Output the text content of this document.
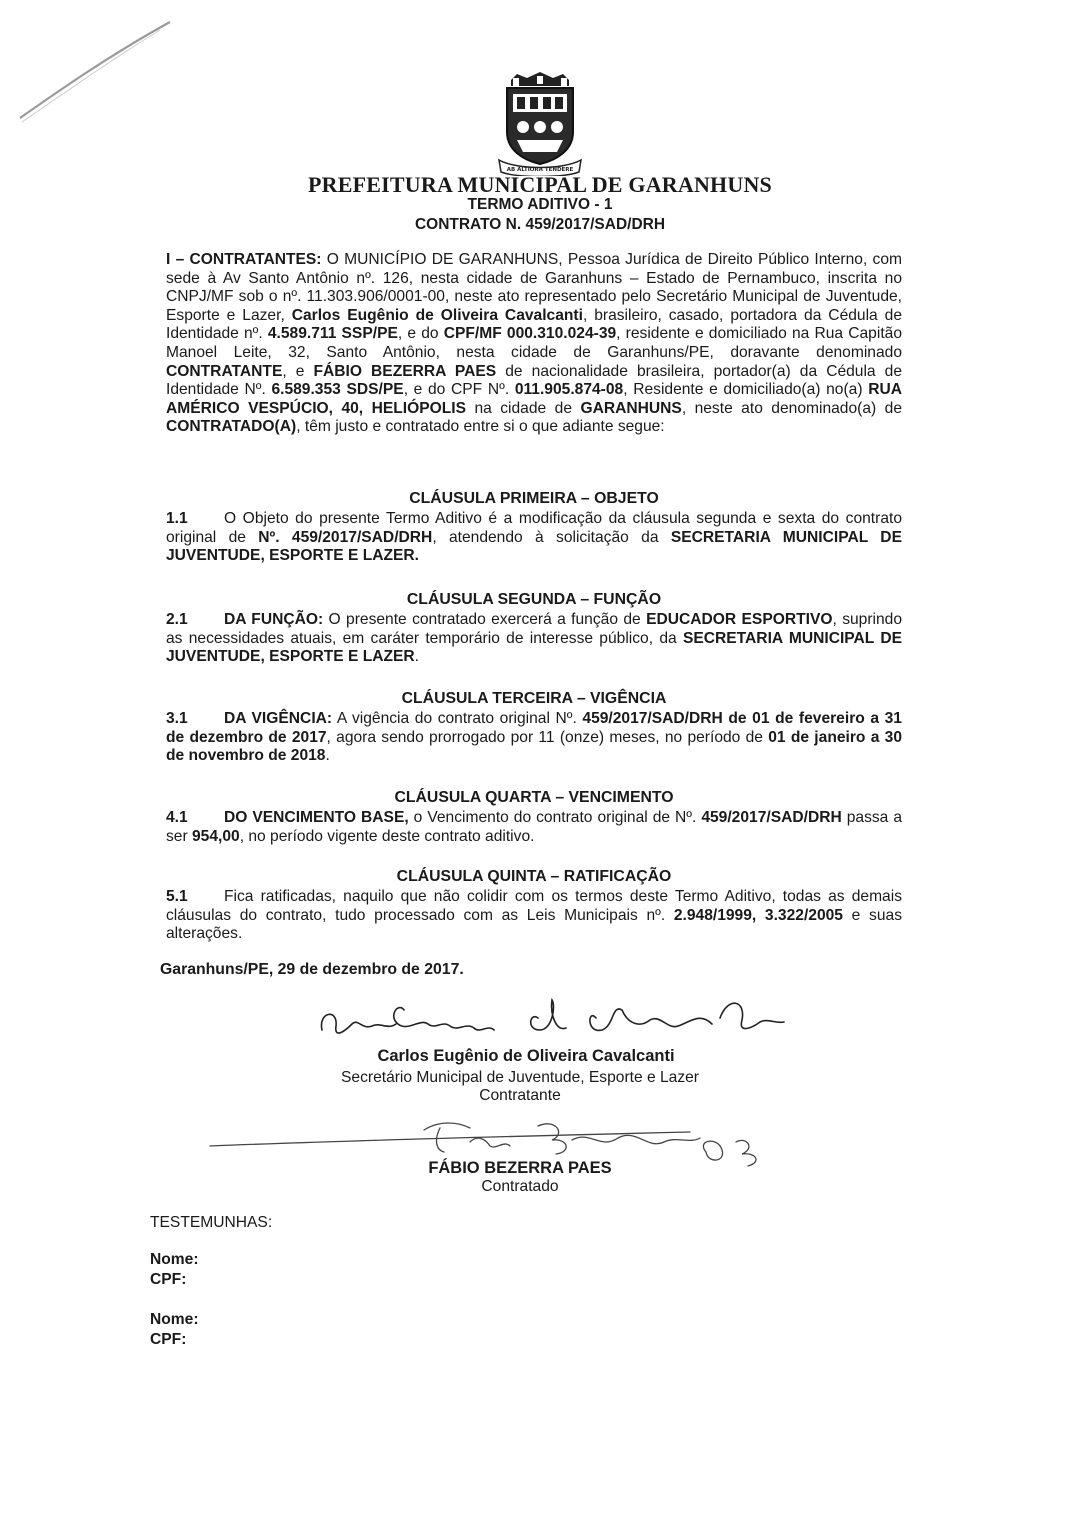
AB ALTIORA TENDERE
PREFEITURA MUNICIPAL DE GARANHUNS
TERMO ADITIVO - 1
CONTRATO N. 459/2017/SAD/DRH
I – CONTRATANTES: O MUNICÍPIO DE GARANHUNS, Pessoa Jurídica de Direito Público Interno, com sede à Av Santo Antônio nº. 126, nesta cidade de Garanhuns – Estado de Pernambuco, inscrita no CNPJ/MF sob o nº. 11.303.906/0001-00, neste ato representado pelo Secretário Municipal de Juventude, Esporte e Lazer, Carlos Eugênio de Oliveira Cavalcanti, brasileiro, casado, portadora da Cédula de Identidade nº. 4.589.711 SSP/PE, e do CPF/MF 000.310.024-39, residente e domiciliado na Rua Capitão Manoel Leite, 32, Santo Antônio, nesta cidade de Garanhuns/PE, doravante denominado CONTRATANTE, e FÁBIO BEZERRA PAES de nacionalidade brasileira, portador(a) da Cédula de Identidade Nº. 6.589.353 SDS/PE, e do CPF Nº. 011.905.874-08, Residente e domiciliado(a) no(a) RUA AMÉRICO VESPÚCIO, 40, HELIÓPOLIS na cidade de GARANHUNS, neste ato denominado(a) de CONTRATADO(A), têm justo e contratado entre si o que adiante segue:
CLÁUSULA PRIMEIRA – OBJETO
1.1 O Objeto do presente Termo Aditivo é a modificação da cláusula segunda e sexta do contrato original de Nº. 459/2017/SAD/DRH, atendendo à solicitação da SECRETARIA MUNICIPAL DE JUVENTUDE, ESPORTE E LAZER.
CLÁUSULA SEGUNDA – FUNÇÃO
2.1 DA FUNÇÃO: O presente contratado exercerá a função de EDUCADOR ESPORTIVO, suprindo as necessidades atuais, em caráter temporário de interesse público, da SECRETARIA MUNICIPAL DE JUVENTUDE, ESPORTE E LAZER.
CLÁUSULA TERCEIRA – VIGÊNCIA
3.1 DA VIGÊNCIA: A vigência do contrato original Nº. 459/2017/SAD/DRH de 01 de fevereiro a 31 de dezembro de 2017, agora sendo prorrogado por 11 (onze) meses, no período de 01 de janeiro a 30 de novembro de 2018.
CLÁUSULA QUARTA – VENCIMENTO
4.1 DO VENCIMENTO BASE, o Vencimento do contrato original de Nº. 459/2017/SAD/DRH passa a ser 954,00, no período vigente deste contrato aditivo.
CLÁUSULA QUINTA – RATIFICAÇÃO
5.1 Fica ratificadas, naquilo que não colidir com os termos deste Termo Aditivo, todas as demais cláusulas do contrato, tudo processado com as Leis Municipais nº. 2.948/1999, 3.322/2005 e suas alterações.
Garanhuns/PE, 29 de dezembro de 2017.
Carlos Eugênio de Oliveira Cavalcanti
Secretário Municipal de Juventude, Esporte e Lazer
Contratante
FÁBIO BEZERRA PAES
Contratado
TESTEMUNHAS:
Nome:
CPF:
Nome:
CPF:
